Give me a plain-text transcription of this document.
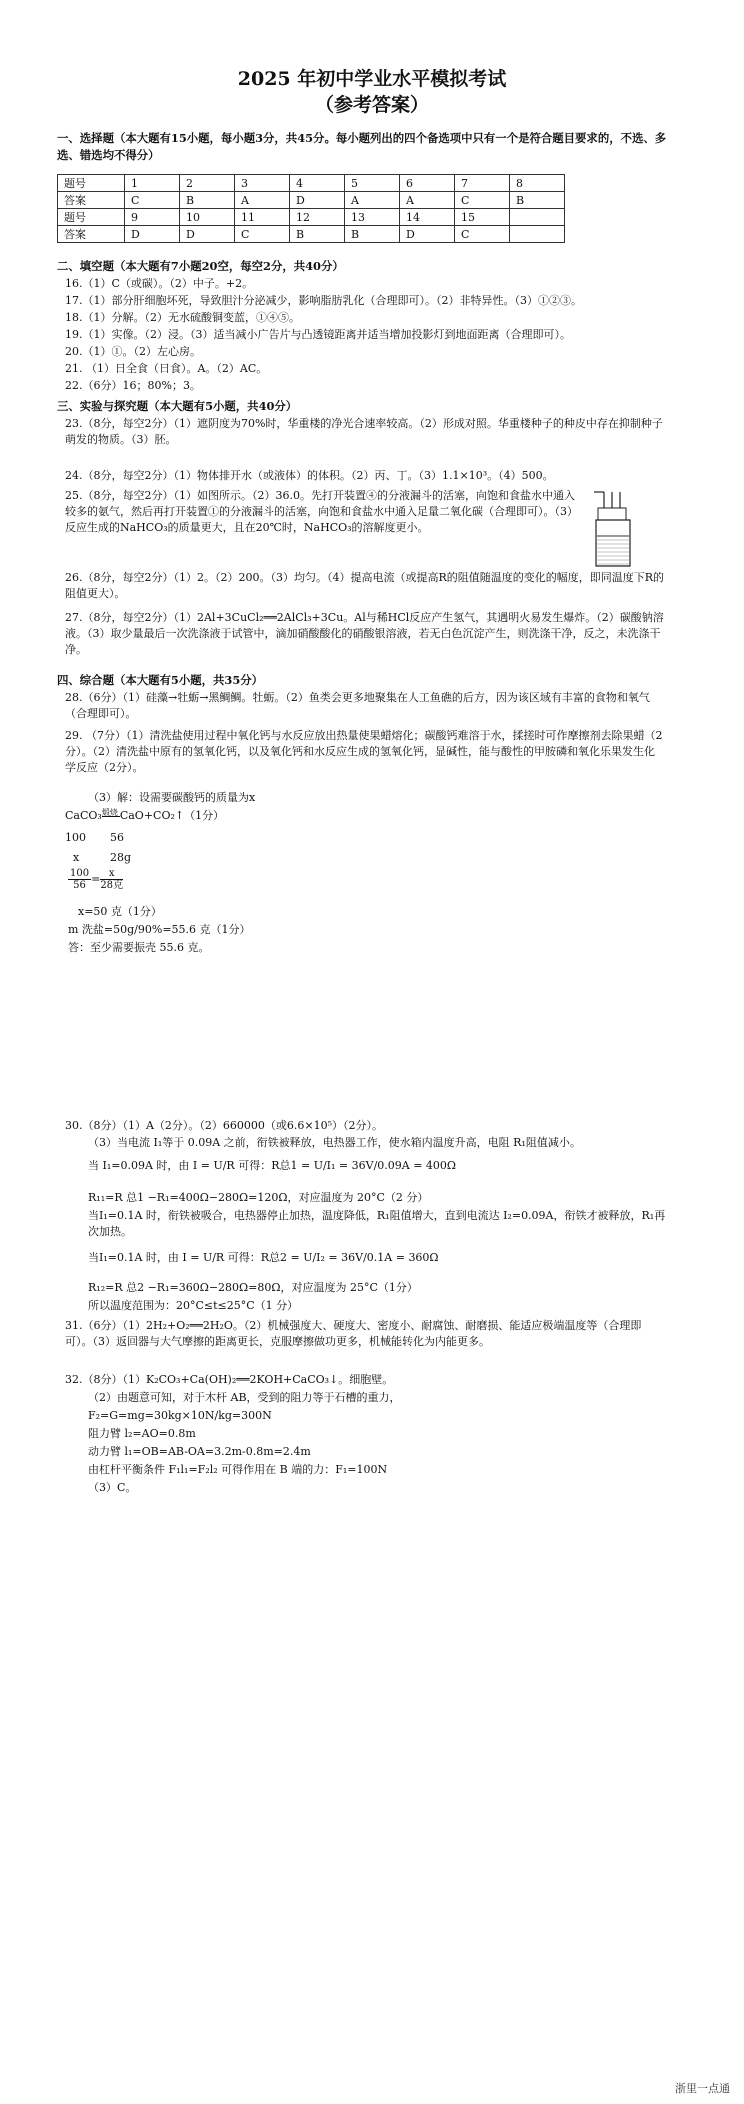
2025 年初中学业水平模拟考试
（参考答案）
一、选择题（本大题有15小题，每小题3分，共45分。每小题列出的四个备选项中只有一个是符合题目要求的，不选、多选、错选均不得分）
题号	1	2	3	4	5	6	7	8
答案	C	B	A	D	A	A	C	B
题号	9	10	11	12	13	14	15	
答案	D	D	C	B	B	D	C	
二、填空题（本大题有7小题20空，每空2分，共40分）
16.（1）C（或碳）。（2）中子。+2。
17.（1）部分肝细胞坏死，导致胆汁分泌减少，影响脂肪乳化（合理即可）。（2）非特异性。（3）①②③。
18.（1）分解。（2）无水硫酸铜变蓝，①④⑤。
19.（1）实像。（2）浸。（3）适当减小广告片与凸透镜距离并适当增加投影灯到地面距离（合理即可）。
20.（1）①。（2）左心房。
21. （1）日全食（日食）。A。（2）AC。
22.（6分）16；80%；3。
三、实验与探究题（本大题有5小题，共40分）
23.（8分，每空2分）（1）遮阴度为70%时，华重楼的净光合速率较高。（2）形成对照。华重楼种子的种皮中存在抑制种子萌发的物质。（3）胚。
24.（8分，每空2分）（1）物体排开水（或液体）的体积。（2）丙、丁。（3）1.1×10³。（4）500。
25.（8分，每空2分）（1）如图所示。（2）36.0。先打开装置④的分液漏斗的活塞，向饱和食盐水中通入较多的氨气，然后再打开装置①的分液漏斗的活塞，向饱和食盐水中通入足量二氧化碳（合理即可）。（3）反应生成的NaHCO₃的质量更大，且在20℃时，NaHCO₃的溶解度更小。
26.（8分，每空2分）（1）2。（2）200。（3）均匀。（4）提高电流（或提高R的阻值随温度的变化的幅度，即同温度下R的阻值更大）。
27.（8分，每空2分）（1）2Al+3CuCl₂══2AlCl₃+3Cu。Al与稀HCl反应产生氢气，其遇明火易发生爆炸。（2）碳酸钠溶液。（3）取少量最后一次洗涤液于试管中，滴加硝酸酸化的硝酸银溶液，若无白色沉淀产生，则洗涤干净，反之，未洗涤干净。
四、综合题（本大题有5小题，共35分）
28.（6分）（1）硅藻→牡蛎→黑鲷鲷。牡蛎。（2）鱼类会更多地聚集在人工鱼礁的后方，因为该区域有丰富的食物和氧气（合理即可）。
29. （7分）（1）清洗盐使用过程中氧化钙与水反应放出热量使果蜡熔化；碳酸钙难溶于水，揉搓时可作摩擦剂去除果蜡（2分）。（2）清洗盐中原有的氢氧化钙，以及氧化钙和水反应生成的氢氧化钙，显碱性，能与酸性的甲胺磷和氧化乐果发生化学反应（2分）。
（3）解：设需要碳酸钙的质量为x
CaCO₃ 煅烧 CaO+CO₂↑（1分）
100 56
x	28g
$\frac{100}{56} = \frac{x}{\text{28克}}$
x=50 克（1分）
m 洗盐=50g/90%=55.6 克（1分）
答：至少需要振壳 55.6 克。
30.（8分）（1）A（2分）。（2）660000（或6.6×10⁵）（2分）。
（3）当电流 I₁等于 0.09A 之前，衔铁被释放，电热器工作，使水箱内温度升高，电阻 R₁阻值减小。
当 I₁=0.09A 时，由 I = U/R 可得：R总1 = U/I₁ = 36V/0.09A = 400Ω
R₁₁=R 总1 −R₁=400Ω−280Ω=120Ω，对应温度为 20°C（2 分）
当I₁=0.1A 时，衔铁被吸合，电热器停止加热，温度降低，R₁阻值增大，直到电流达 I₂=0.09A，衔铁才被释放，R₁再次加热。
当I₁=0.1A 时，由 I = U/R 可得：R总2 = U/I₂ = 36V/0.1A = 360Ω
R₁₂=R 总2 −R₁=360Ω−280Ω=80Ω，对应温度为 25°C（1分）
所以温度范围为：20°C≤t≤25°C（1 分）
31.（6分）（1）2H₂+O₂══2H₂O。（2）机械强度大、硬度大、密度小、耐腐蚀、耐磨损、能适应极端温度等（合理即可）。（3）返回器与大气摩擦的距离更长，克服摩擦做功更多，机械能转化为内能更多。
32.（8分）（1）K₂CO₃+Ca(OH)₂══2KOH+CaCO₃↓。细胞壁。
（2）由题意可知，对于木杆 AB，受到的阻力等于石槽的重力，
F₂=G=mg=30kg×10N/kg=300N
阻力臂 l₂=AO=0.8m
动力臂 l₁=OB=AB-OA=3.2m-0.8m=2.4m
由杠杆平衡条件 F₁l₁=F₂l₂ 可得作用在 B 端的力：F₁=100N
（3）C。
浙里一点通
